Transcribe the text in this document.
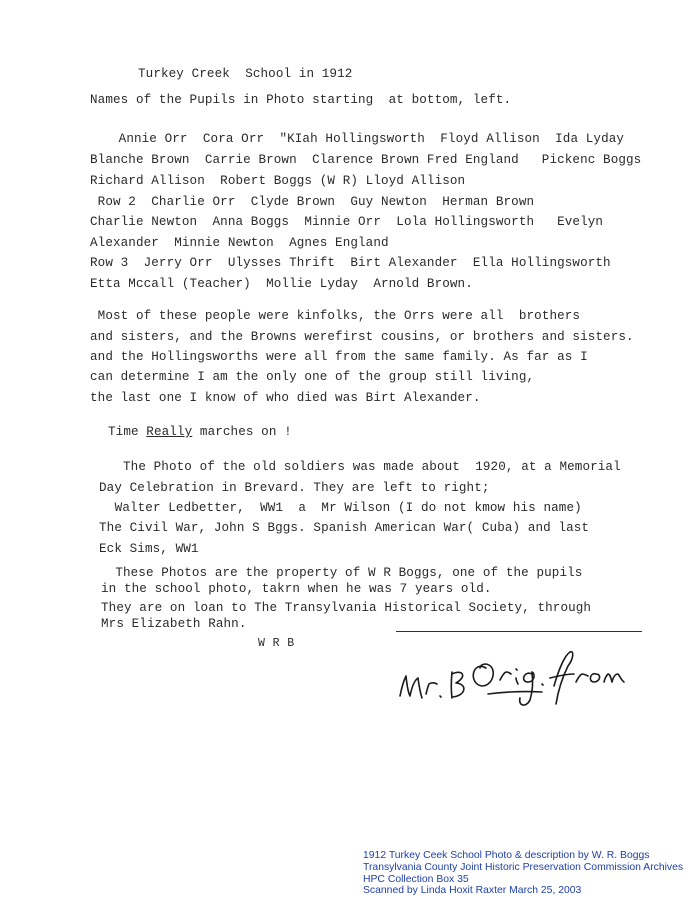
Turkey Creek  School in 1912
Names of the Pupils in Photo starting  at bottom, left.
Annie Orr  Cora Orr  "KIah Hollingsworth  Floyd Allison  Ida Lyday
Blanche Brown  Carrie Brown  Clarence Brown Fred England   Pickenc Boggs
Richard Allison  Robert Boggs (W R) Lloyd Allison
Row 2  Charlie Orr  Clyde Brown  Guy Newton  Herman Brown
Charlie Newton  Anna Boggs  Minnie Orr  Lola Hollingsworth   Evelyn
Alexander  Minnie Newton  Agnes England
Row 3  Jerry Orr  Ulysses Thrift  Birt Alexander  Ella Hollingsworth
Etta Mccall (Teacher)  Mollie Lyday  Arnold Brown.
Most of these people were kinfolks, the Orrs were all  brothers
and sisters, and the Browns werefirst cousins, or brothers and sisters.
and the Hollingsworths were all from the same family. As far as I
can determine I am the only one of the group still living,
the last one I know of who died was Birt Alexander.
Time Really marches on !
The Photo of the old soldiers was made about  1920, at a Memorial
Day Celebration in Brevard. They are left to right;
Walter Ledbetter,  WW1  a  Mr Wilson (I do not kmow his name)
The Civil War, John S Bggs. Spanish American War( Cuba) and last
Eck Sims, WW1
These Photos are the property of W R Boggs, one of the pupils
in the school photo, takrn when he was 7 years old.
They are on loan to The Transylvania Historical Society, through
Mrs Elizabeth Rahn.
W R B
1912 Turkey Ceek School Photo & description by W. R. Boggs
Transylvania County Joint Historic Preservation Commission Archives
HPC Collection Box 35
Scanned by Linda Hoxit Raxter March 25, 2003
